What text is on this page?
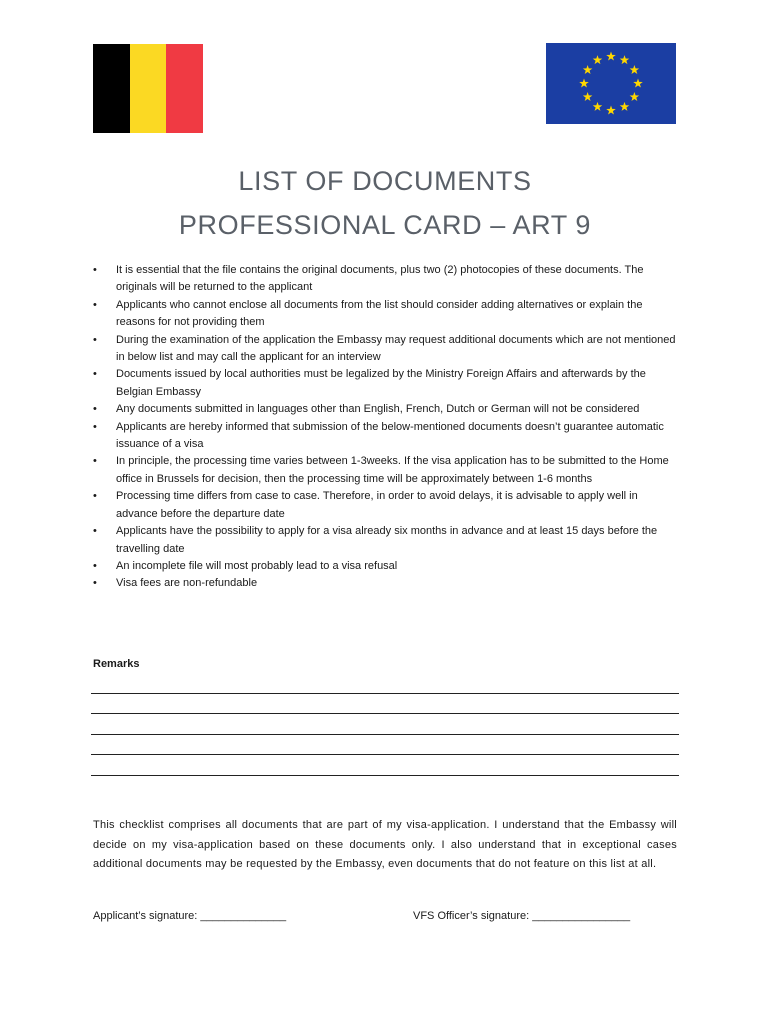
LIST OF DOCUMENTS
PROFESSIONAL CARD – ART 9
• It is essential that the file contains the original documents, plus two (2) photocopies of these documents. The originals will be returned to the applicant
• Applicants who cannot enclose all documents from the list should consider adding alternatives or explain the reasons for not providing them
• During the examination of the application the Embassy may request additional documents which are not mentioned in below list and may call the applicant for an interview
• Documents issued by local authorities must be legalized by the Ministry Foreign Affairs and afterwards by the Belgian Embassy
• Any documents submitted in languages other than English, French, Dutch or German will not be considered
• Applicants are hereby informed that submission of the below-mentioned documents doesn’t guarantee automatic issuance of a visa
• In principle, the processing time varies between 1-3weeks. If the visa application has to be submitted to the Home office in Brussels for decision, then the processing time will be approximately between 1-6 months
• Processing time differs from case to case. Therefore, in order to avoid delays, it is advisable to apply well in advance before the departure date
• Applicants have the possibility to apply for a visa already six months in advance and at least 15 days before the travelling date
• An incomplete file will most probably lead to a visa refusal
• Visa fees are non-refundable
Remarks
This checklist comprises all documents that are part of my visa-application. I understand that the Embassy will decide on my visa-application based on these documents only. I also understand that in exceptional cases additional documents may be requested by the Embassy, even documents that do not feature on this list at all.
Applicant’s signature: ______________	VFS Officer’s signature: ________________
